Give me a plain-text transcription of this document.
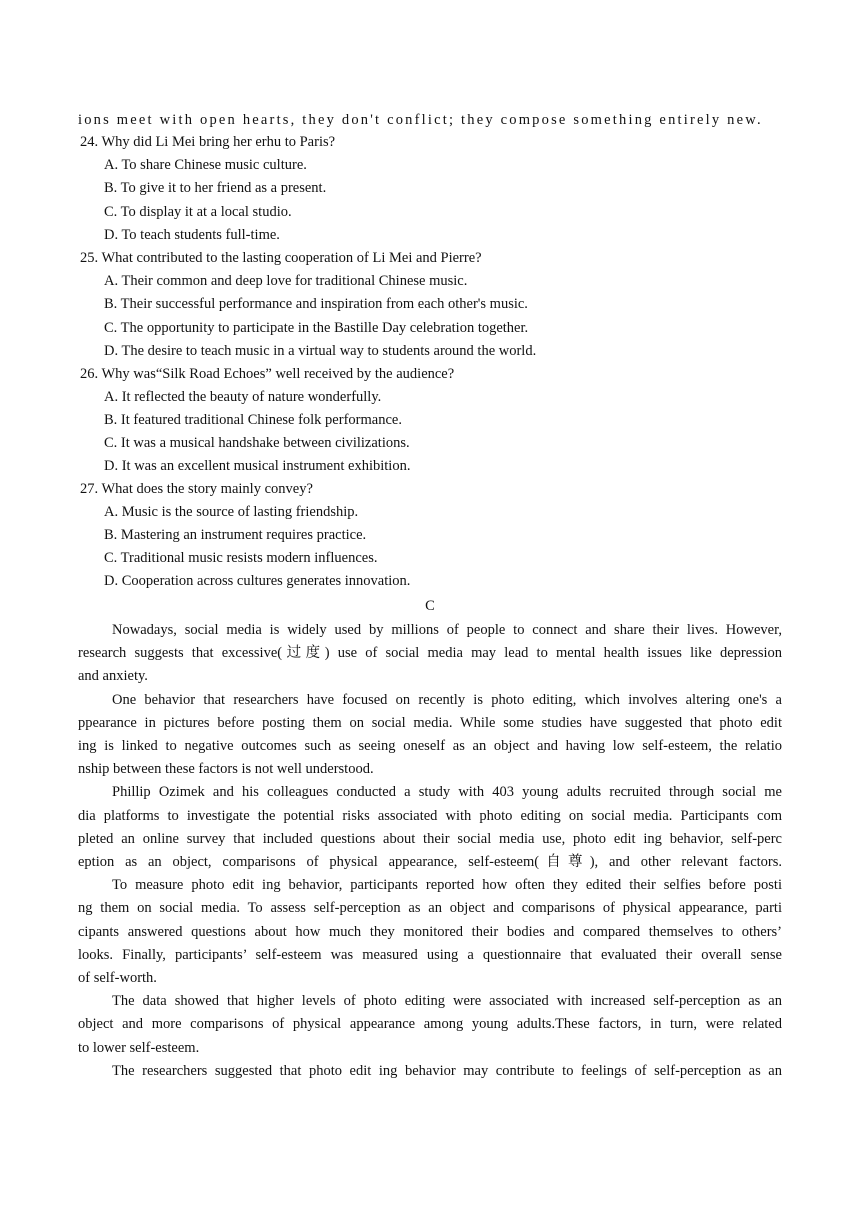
ions meet with open hearts, they don't conflict; they compose something entirely new.
24. Why did Li Mei bring her erhu to Paris?
A. To share Chinese music culture.
B. To give it to her friend as a present.
C. To display it at a local studio.
D. To teach students full-time.
25. What contributed to the lasting cooperation of Li Mei and Pierre?
A. Their common and deep love for traditional Chinese music.
B. Their successful performance and inspiration from each other's music.
C. The opportunity to participate in the Bastille Day celebration together.
D. The desire to teach music in a virtual way to students around the world.
26. Why was“Silk Road Echoes” well received by the audience?
A. It reflected the beauty of nature wonderfully.
B. It featured traditional Chinese folk performance.
C. It was a musical handshake between civilizations.
D. It was an excellent musical instrument exhibition.
27. What does the story mainly convey?
A. Music is the source of lasting friendship.
B. Mastering an instrument requires practice.
C. Traditional music resists modern influences.
D. Cooperation across cultures generates innovation.
C
Nowadays, social media is widely used by millions of people to connect and share their lives. However,
research suggests that excessive(过度) use of social media may lead to mental health issues like depression
and anxiety.
One behavior that researchers have focused on recently is photo editing, which involves altering one's a
ppearance in pictures before posting them on social media. While some studies have suggested that photo edit
ing is linked to negative outcomes such as seeing oneself as an object and having low self-esteem, the relatio
nship between these factors is not well understood.
Phillip Ozimek and his colleagues conducted a study with 403 young adults recruited through social me
dia platforms to investigate the potential risks associated with photo editing on social media. Participants com
pleted an online survey that included questions about their social media use, photo edit ing behavior, self-perc
eption as an object, comparisons of physical appearance, self-esteem(自尊), and other relevant factors.
To measure photo edit ing behavior, participants reported how often they edited their selfies before posti
ng them on social media. To assess self-perception as an object and comparisons of physical appearance, parti
cipants answered questions about how much they monitored their bodies and compared themselves to others’
looks. Finally, participants’ self-esteem was measured using a questionnaire that evaluated their overall sense
of self-worth.
The data showed that higher levels of photo editing were associated with increased self-perception as an
object and more comparisons of physical appearance among young adults.These factors, in turn, were related
to lower self-esteem.
The researchers suggested that photo edit ing behavior may contribute to feelings of self-perception as an
